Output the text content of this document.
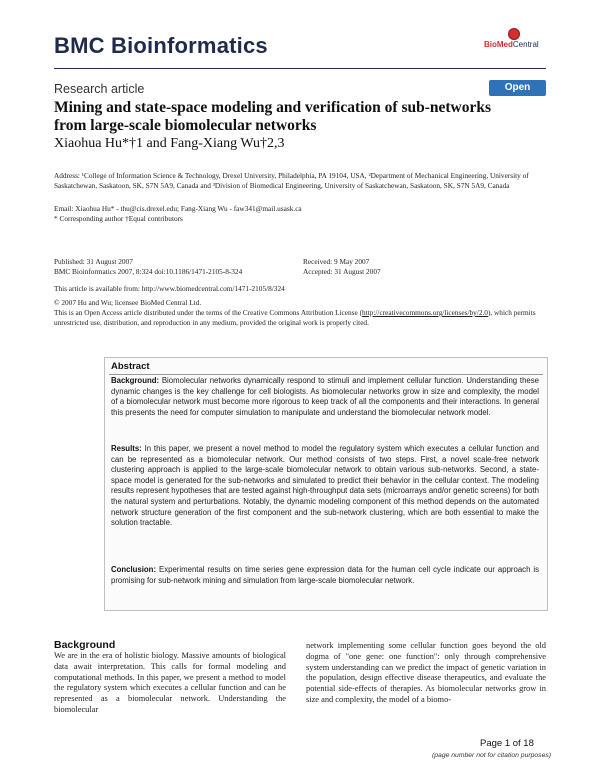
BMC Bioinformatics	BioMedCentral
Research article	Open Access
Mining and state-space modeling and verification of sub-networks from large-scale biomolecular networks
Xiaohua Hu*†1 and Fang-Xiang Wu†2,3
Address: ¹College of Information Science & Technology, Drexel University, Philadelphia, PA 19104, USA, ²Department of Mechanical Engineering, University of Saskatchewan, Saskatoon, SK, S7N 5A9, Canada and ³Division of Biomedical Engineering, University of Saskatchewan, Saskatoon, SK, S7N 5A9, Canada
Email: Xiaohua Hu* - thu@cis.drexel.edu; Fang-Xiang Wu - faw341@mail.usask.ca
* Corresponding author †Equal contributors
Published: 31 August 2007
BMC Bioinformatics 2007, 8:324 doi:10.1186/1471-2105-8-324
Received: 9 May 2007
Accepted: 31 August 2007
This article is available from: http://www.biomedcentral.com/1471-2105/8/324
© 2007 Hu and Wu; licensee BioMed Central Ltd.
This is an Open Access article distributed under the terms of the Creative Commons Attribution License (http://creativecommons.org/licenses/by/2.0), which permits unrestricted use, distribution, and reproduction in any medium, provided the original work is properly cited.
Abstract
Background: Biomolecular networks dynamically respond to stimuli and implement cellular function. Understanding these dynamic changes is the key challenge for cell biologists. As biomolecular networks grow in size and complexity, the model of a biomolecular network must become more rigorous to keep track of all the components and their interactions. In general this presents the need for computer simulation to manipulate and understand the biomolecular network model.
Results: In this paper, we present a novel method to model the regulatory system which executes a cellular function and can be represented as a biomolecular network. Our method consists of two steps. First, a novel scale-free network clustering approach is applied to the large-scale biomolecular network to obtain various sub-networks. Second, a state-space model is generated for the sub-networks and simulated to predict their behavior in the cellular context. The modeling results represent hypotheses that are tested against high-throughput data sets (microarrays and/or genetic screens) for both the natural system and perturbations. Notably, the dynamic modeling component of this method depends on the automated network structure generation of the first component and the sub-network clustering, which are both essential to make the solution tractable.
Conclusion: Experimental results on time series gene expression data for the human cell cycle indicate our approach is promising for sub-network mining and simulation from large-scale biomolecular network.
Background
We are in the era of holistic biology. Massive amounts of biological data await interpretation. This calls for formal modeling and computational methods. In this paper, we present a method to model the regulatory system which executes a cellular function and can be represented as a biomolecular network. Understanding the biomolecular
network implementing some cellular function goes beyond the old dogma of "one gene: one function": only through comprehensive system understanding can we predict the impact of genetic variation in the population, design effective disease therapeutics, and evaluate the potential side-effects of therapies. As biomolecular networks grow in size and complexity, the model of a biomo-
Page 1 of 18
(page number not for citation purposes)
